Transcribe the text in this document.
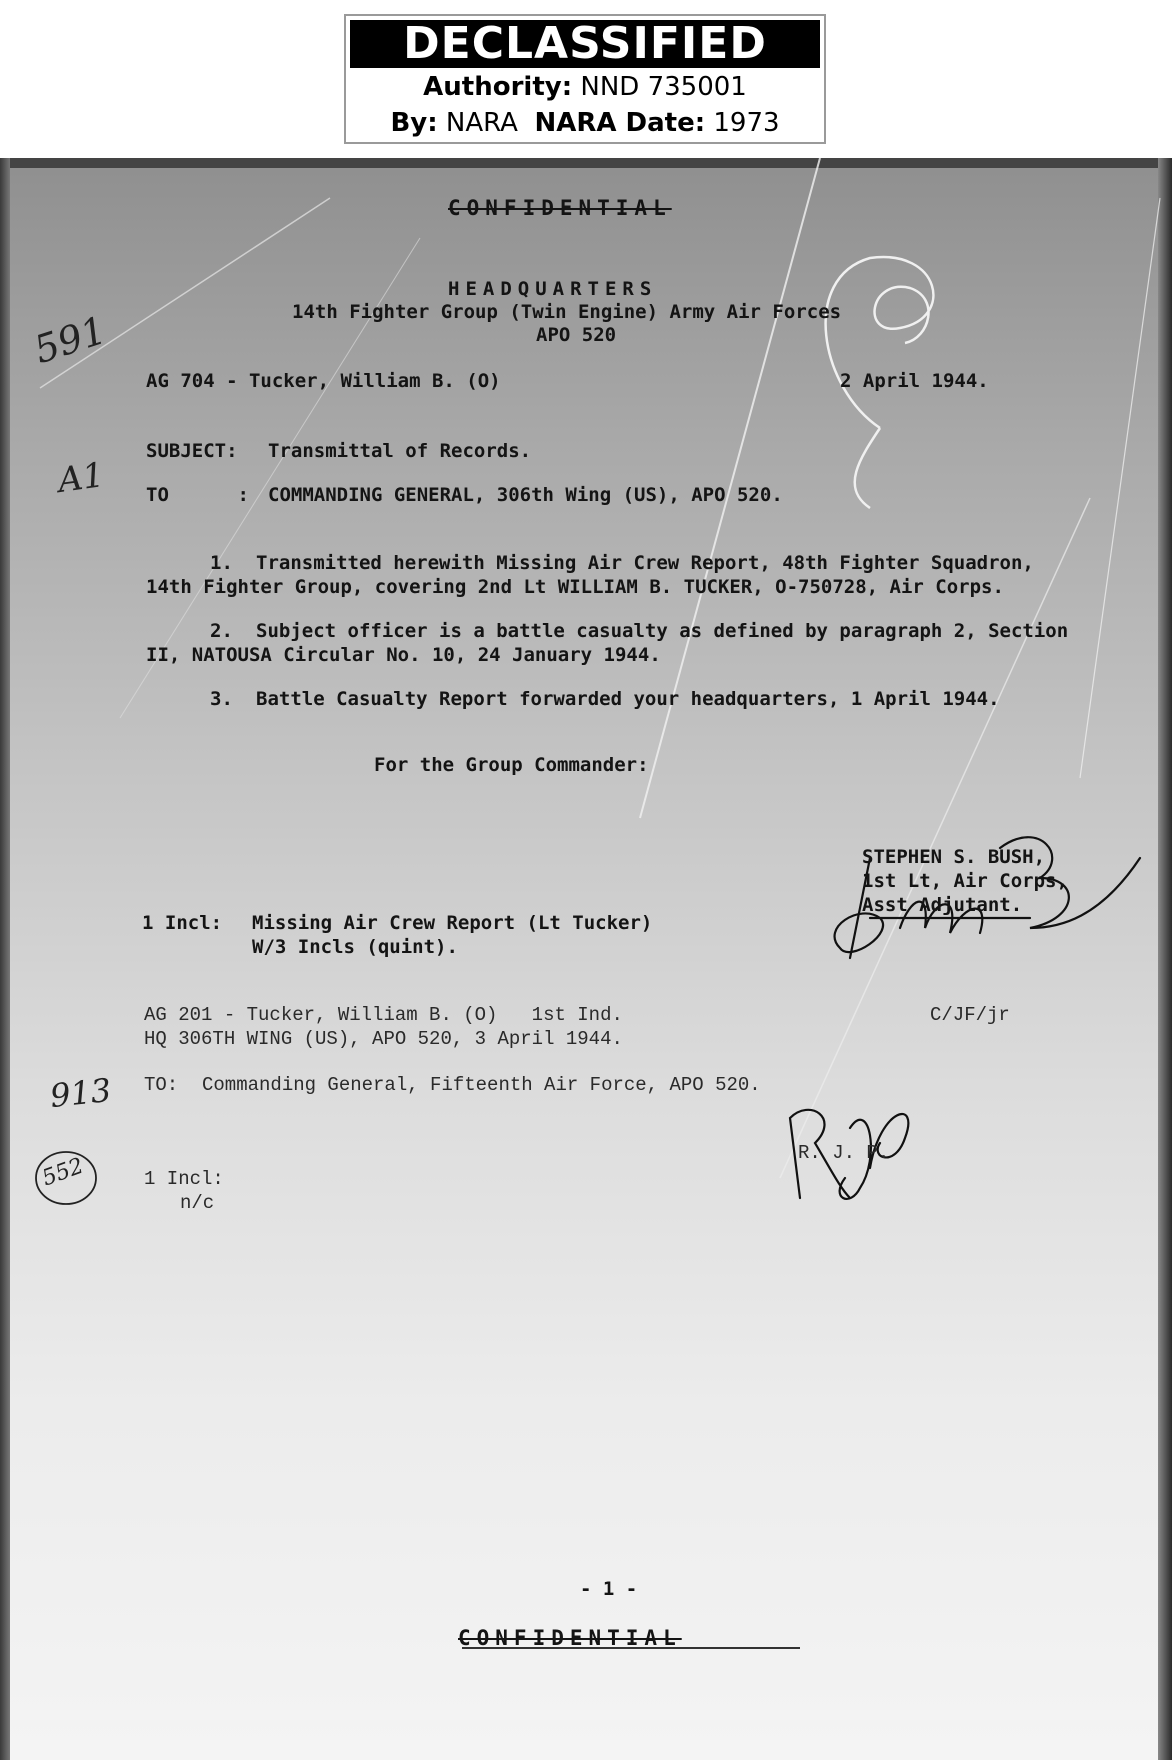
DECLASSIFIED
Authority: NND 735001
By: NARA NARA Date: 1973
CONFIDENTIAL
HEADQUARTERS
14th Fighter Group (Twin Engine) Army Air Forces
APO 520
AG 704 - Tucker, William B. (O)	2 April 1944.
SUBJECT: Transmittal of Records.
TO      : COMMANDING GENERAL, 306th Wing (US), APO 520.
1. Transmitted herewith Missing Air Crew Report, 48th Fighter Squadron,
14th Fighter Group, covering 2nd Lt WILLIAM B. TUCKER, O-750728, Air Corps.
2. Subject officer is a battle casualty as defined by paragraph 2, Section
II, NATOUSA Circular No. 10, 24 January 1944.
3. Battle Casualty Report forwarded your headquarters, 1 April 1944.
For the Group Commander:
STEPHEN S. BUSH,
1st Lt, Air Corps,
Asst Adjutant.
1 Incl: Missing Air Crew Report (Lt Tucker)
W/3 Incls (quint).
AG 201 - Tucker, William B. (O)   1st Ind.	C/JF/jr
HQ 306TH WING (US), APO 520, 3 April 1944.
TO: Commanding General, Fifteenth Air Force, APO 520.
R. J. P.
1 Incl:
n/c
- 1 -
CONFIDENTIAL
591
A1
913
552
